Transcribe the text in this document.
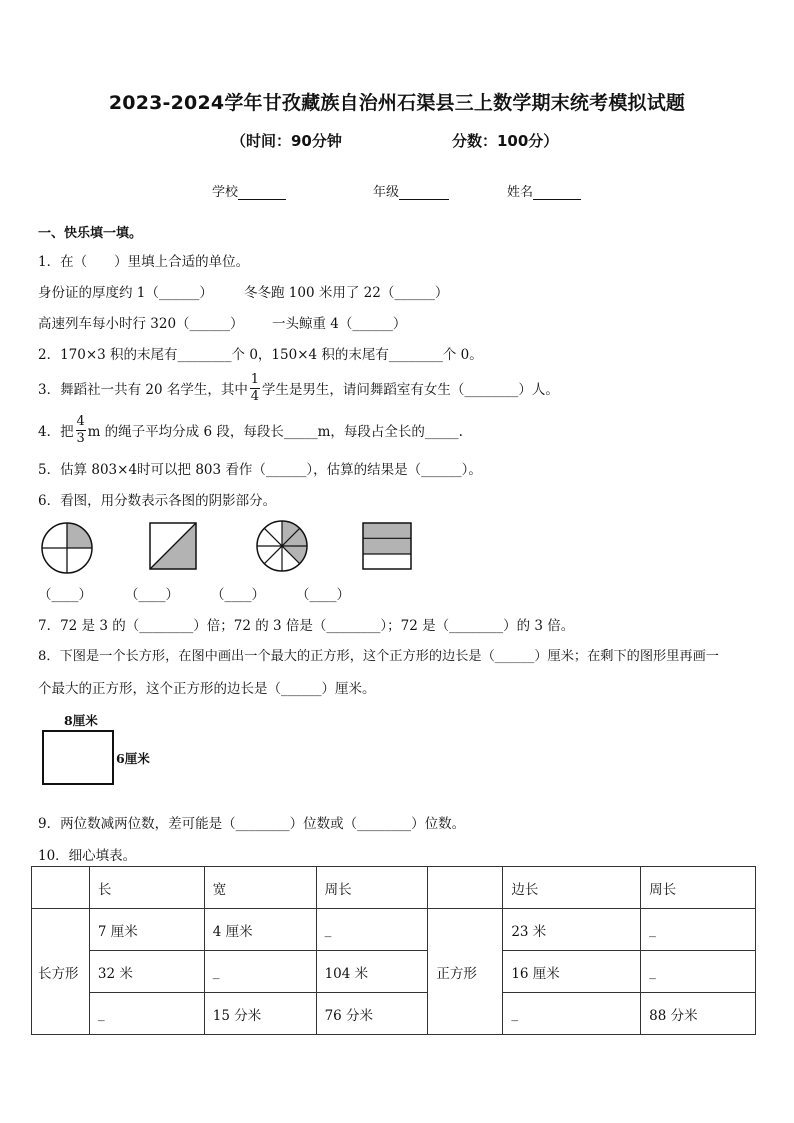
2023-2024学年甘孜藏族自治州石渠县三上数学期末统考模拟试题
（时间：90分钟	分数：100分）
学校	年级	姓名
一、快乐填一填。
1．在（　　）里填上合适的单位。
身份证的厚度约 1（______） 冬冬跑 100 米用了 22（______）
高速列车每小时行 320（______） 一头鲸重 4（______）
2．170×3 积的末尾有________个 0，150×4 积的末尾有________个 0。
3．舞蹈社一共有 20 名学生，其中 $\frac{1}{4}$ 学生是男生，请问舞蹈室有女生（________）人。
4．把 $\frac{4}{3}$ m 的绳子平均分成 6 段，每段长_____m，每段占全长的_____.
5．估算 803×4时可以把 803 看作（______），估算的结果是（______）。
6．看图，用分数表示各图的阴影部分。
（____） （____） （____） （____）
7．72 是 3 的（________）倍；72 的 3 倍是（________）；72 是（________）的 3 倍。
8．下图是一个长方形，在图中画出一个最大的正方形，这个正方形的边长是（______）厘米；在剩下的图形里再画一
个最大的正方形，这个正方形的边长是（______）厘米。
8厘米
6厘米
9．两位数减两位数，差可能是（________）位数或（________）位数。
10．细心填表。
	长	宽	周长		边长	周长
长方形	7 厘米	4 厘米	_	正方形	23 米	_
	32 米	_	104 米		16 厘米	_
	_	15 分米	76 分米		_	88 分米
